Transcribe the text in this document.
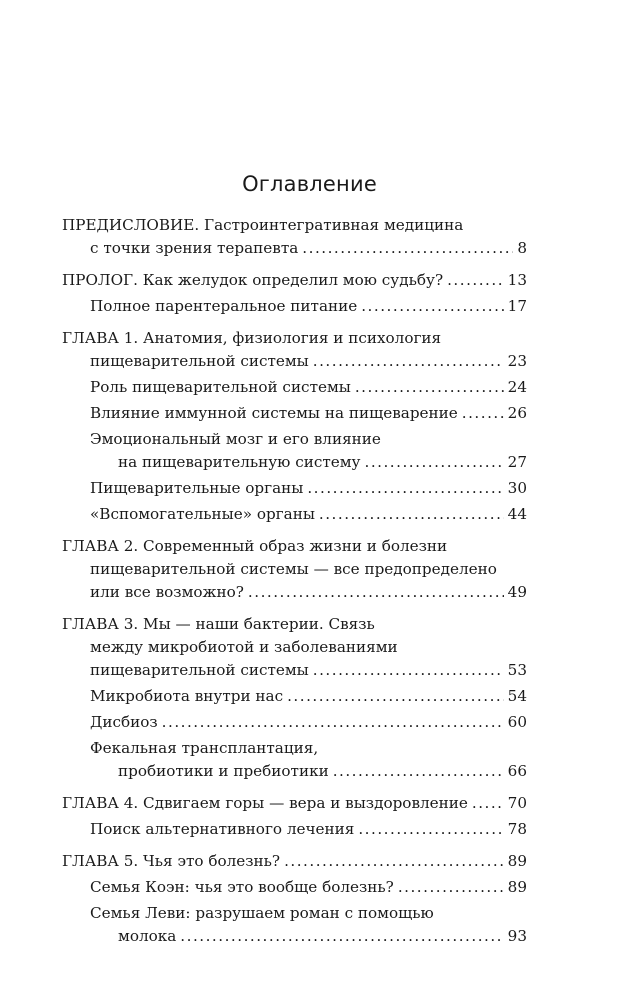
Оглавление
ПРЕДИСЛОВИЕ. Гастроинтегративная медицина
с точки зрения терапевта .....	8
ПРОЛОГ. Как желудок определил мою судьбу? .....	13
Полное парентеральное питание .....	17
ГЛАВА 1. Анатомия, физиология и психология
пищеварительной системы .....	23
Роль пищеварительной системы .....	24
Влияние иммунной системы на пищеварение .....	26
Эмоциональный мозг и его влияние
на пищеварительную систему .....	27
Пищеварительные органы .....	30
«Вспомогательные» органы .....	44
ГЛАВА 2. Современный образ жизни и болезни
пищеварительной системы — все предопределено
или все возможно? .....	49
ГЛАВА 3. Мы — наши бактерии. Связь
между микробиотой и заболеваниями
пищеварительной системы .....	53
Микробиота внутри нас .....	54
Дисбиоз .....	60
Фекальная трансплантация,
пробиотики и пребиотики .....	66
ГЛАВА 4. Сдвигаем горы — вера и выздоровление .....	70
Поиск альтернативного лечения .....	78
ГЛАВА 5. Чья это болезнь? .....	89
Семья Коэн: чья это вообще болезнь? .....	89
Семья Леви: разрушаем роман с помощью
молока .....	93
